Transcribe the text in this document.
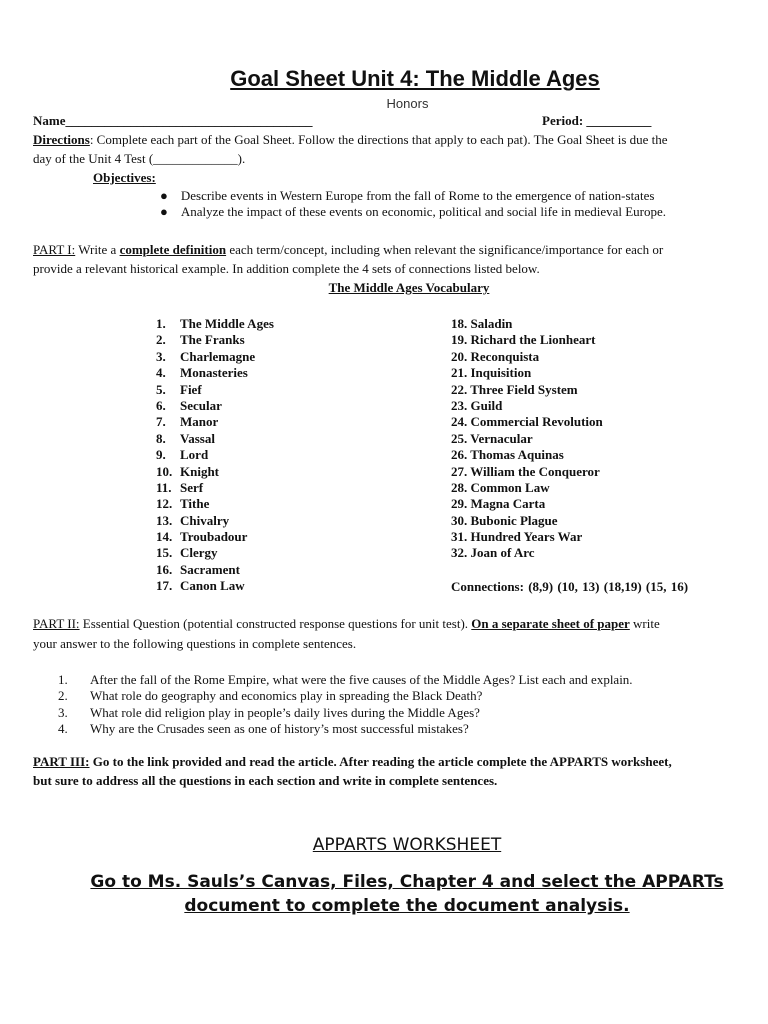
Goal Sheet Unit 4: The Middle Ages
Honors
Name______________________________________	Period: __________
Directions: Complete each part of the Goal Sheet. Follow the directions that apply to each pat). The Goal Sheet is due the
day of the Unit 4 Test (_____________).
Objectives:
● Describe events in Western Europe from the fall of Rome to the emergence of nation-states
● Analyze the impact of these events on economic, political and social life in medieval Europe.
PART I: Write a complete definition each term/concept, including when relevant the significance/importance for each or
provide a relevant historical example. In addition complete the 4 sets of connections listed below.
The Middle Ages Vocabulary
1. The Middle Ages
2. The Franks
3. Charlemagne
4. Monasteries
5. Fief
6. Secular
7. Manor
8. Vassal
9. Lord
10. Knight
11. Serf
12. Tithe
13. Chivalry
14. Troubadour
15. Clergy
16. Sacrament
17. Canon Law
18. Saladin
19. Richard the Lionheart
20. Reconquista
21. Inquisition
22. Three Field System
23. Guild
24. Commercial Revolution
25. Vernacular
26. Thomas Aquinas
27. William the Conqueror
28. Common Law
29. Magna Carta
30. Bubonic Plague
31. Hundred Years War
32. Joan of Arc
Connections: (8,9) (10, 13) (18,19) (15, 16)
PART II: Essential Question (potential constructed response questions for unit test). On a separate sheet of paper write
your answer to the following questions in complete sentences.
1. After the fall of the Rome Empire, what were the five causes of the Middle Ages? List each and explain.
2. What role do geography and economics play in spreading the Black Death?
3. What role did religion play in people’s daily lives during the Middle Ages?
4. Why are the Crusades seen as one of history’s most successful mistakes?
PART III: Go to the link provided and read the article. After reading the article complete the APPARTS worksheet,
but sure to address all the questions in each section and write in complete sentences.
APPARTS WORKSHEET
Go to Ms. Sauls’s Canvas, Files, Chapter 4 and select the APPARTs document to complete the document analysis.
